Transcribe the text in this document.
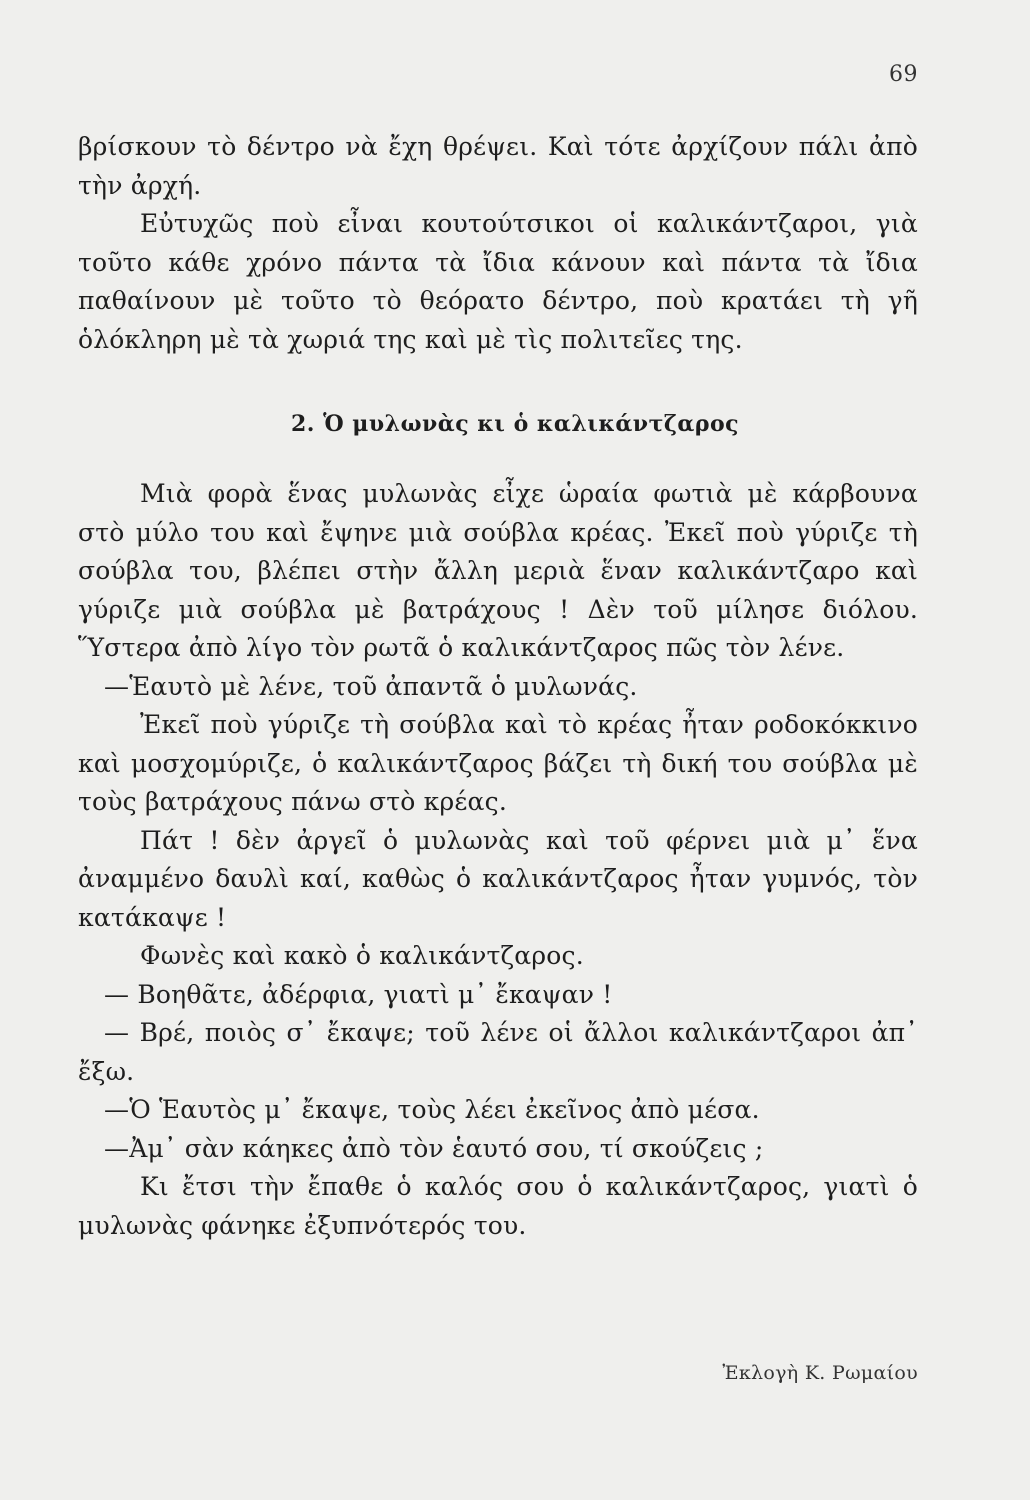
69

βρίσκουν τὸ δέντρο νὰ ἔχη θρέψει. Καὶ τότε ἀρχίζουν πάλι ἀπὸ τὴν ἀρχή.

Εὐτυχῶς ποὺ εἶναι κουτούτσικοι οἱ καλικάντζαροι, γιὰ τοῦτο κάθε χρόνο πάντα τὰ ἴδια κάνουν καὶ πάντα τὰ ἴδια παθαίνουν μὲ τοῦτο τὸ θεόρατο δέντρο, ποὺ κρατάει τὴ γῆ ὁλόκληρη μὲ τὰ χωριά της καὶ μὲ τὶς πολιτεῖες της.

2. Ὁ μυλωνὰς κι ὁ καλικάντζαρος

Μιὰ φορὰ ἕνας μυλωνὰς εἶχε ὡραία φωτιὰ μὲ κάρβουνα στὸ μύλο του καὶ ἔψηνε μιὰ σούβλα κρέας. Ἐκεῖ ποὺ γύριζε τὴ σούβλα του, βλέπει στὴν ἄλλη μεριὰ ἕναν καλικάντζαρο καὶ γύριζε μιὰ σούβλα μὲ βατράχους ! Δὲν τοῦ μίλησε διόλου. Ὕστερα ἀπὸ λίγο τὸν ρωτᾶ ὁ καλικάντζαρος πῶς τὸν λένε.

—Ἑαυτὸ μὲ λένε, τοῦ ἀπαντᾶ ὁ μυλωνάς.

Ἐκεῖ ποὺ γύριζε τὴ σούβλα καὶ τὸ κρέας ἦταν ροδοκόκκινο καὶ μοσχομύριζε, ὁ καλικάντζαρος βάζει τὴ δική του σούβλα μὲ τοὺς βατράχους πάνω στὸ κρέας.

Πάτ ! δὲν ἀργεῖ ὁ μυλωνὰς καὶ τοῦ φέρνει μιὰ μ᾽ ἕνα ἀναμμένο δαυλὶ καί, καθὼς ὁ καλικάντζαρος ἦταν γυμνός, τὸν κατάκαψε !

Φωνὲς καὶ κακὸ ὁ καλικάντζαρος.

— Βοηθᾶτε, ἀδέρφια, γιατὶ μ᾽ ἔκαψαν !

— Βρέ, ποιὸς σ᾽ ἔκαψε; τοῦ λένε οἱ ἄλλοι καλικάντζαροι ἀπ᾽ ἔξω.

—Ὁ Ἑαυτὸς μ᾽ ἔκαψε, τοὺς λέει ἐκεῖνος ἀπὸ μέσα.

—Ἀμ᾽ σὰν κάηκες ἀπὸ τὸν ἑαυτό σου, τί σκούζεις ;

Κι ἔτσι τὴν ἔπαθε ὁ καλός σου ὁ καλικάντζαρος, γιατὶ ὁ μυλωνὰς φάνηκε ἐξυπνότερός του.

Ἐκλογὴ Κ. Ρωμαίου
